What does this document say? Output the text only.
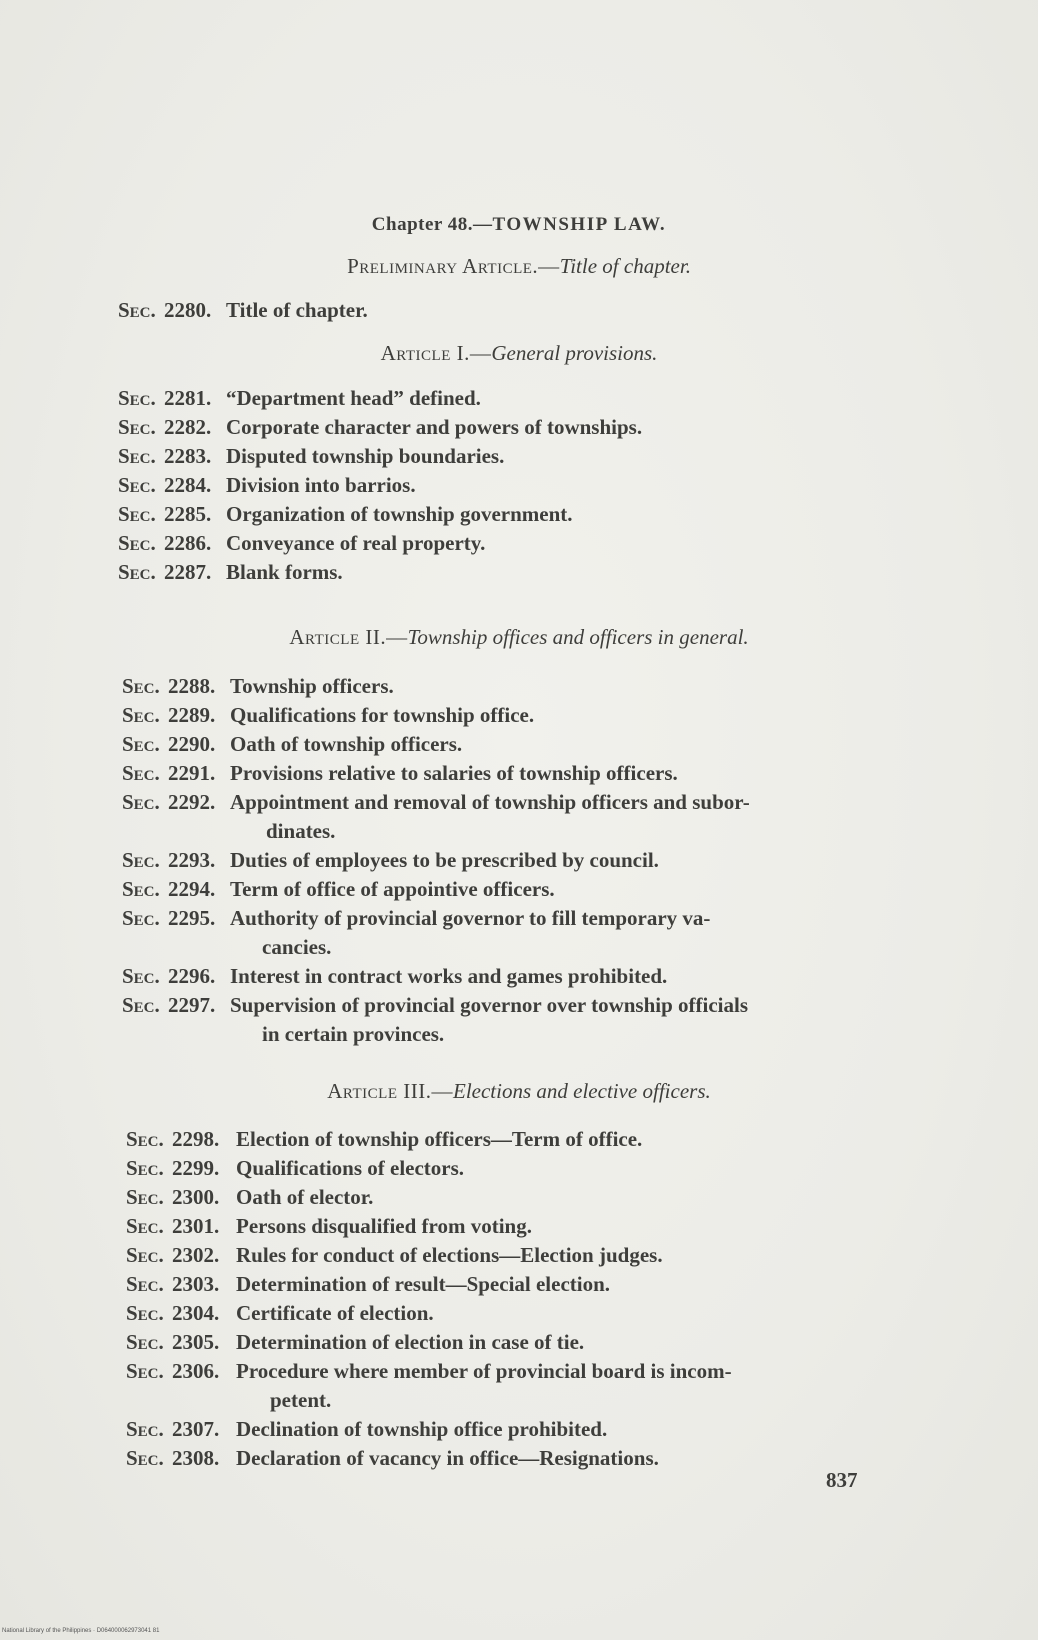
Chapter 48.—TOWNSHIP LAW.
Preliminary Article.—Title of chapter.
Sec. 2280. Title of chapter.
Article I.—General provisions.
Sec. 2281. “Department head” defined.
Sec. 2282. Corporate character and powers of townships.
Sec. 2283. Disputed township boundaries.
Sec. 2284. Division into barrios.
Sec. 2285. Organization of township government.
Sec. 2286. Conveyance of real property.
Sec. 2287. Blank forms.
Article II.—Township offices and officers in general.
Sec. 2288. Township officers.
Sec. 2289. Qualifications for township office.
Sec. 2290. Oath of township officers.
Sec. 2291. Provisions relative to salaries of township officers.
Sec. 2292. Appointment and removal of township officers and subor-
dinates.
Sec. 2293. Duties of employees to be prescribed by council.
Sec. 2294. Term of office of appointive officers.
Sec. 2295. Authority of provincial governor to fill temporary va-
cancies.
Sec. 2296. Interest in contract works and games prohibited.
Sec. 2297. Supervision of provincial governor over township officials
in certain provinces.
Article III.—Elections and elective officers.
Sec. 2298. Election of township officers—Term of office.
Sec. 2299. Qualifications of electors.
Sec. 2300. Oath of elector.
Sec. 2301. Persons disqualified from voting.
Sec. 2302. Rules for conduct of elections—Election judges.
Sec. 2303. Determination of result—Special election.
Sec. 2304. Certificate of election.
Sec. 2305. Determination of election in case of tie.
Sec. 2306. Procedure where member of provincial board is incom-
petent.
Sec. 2307. Declination of township office prohibited.
Sec. 2308. Declaration of vacancy in office—Resignations.
837
National Library of the Philippines · D064000062973041 81
